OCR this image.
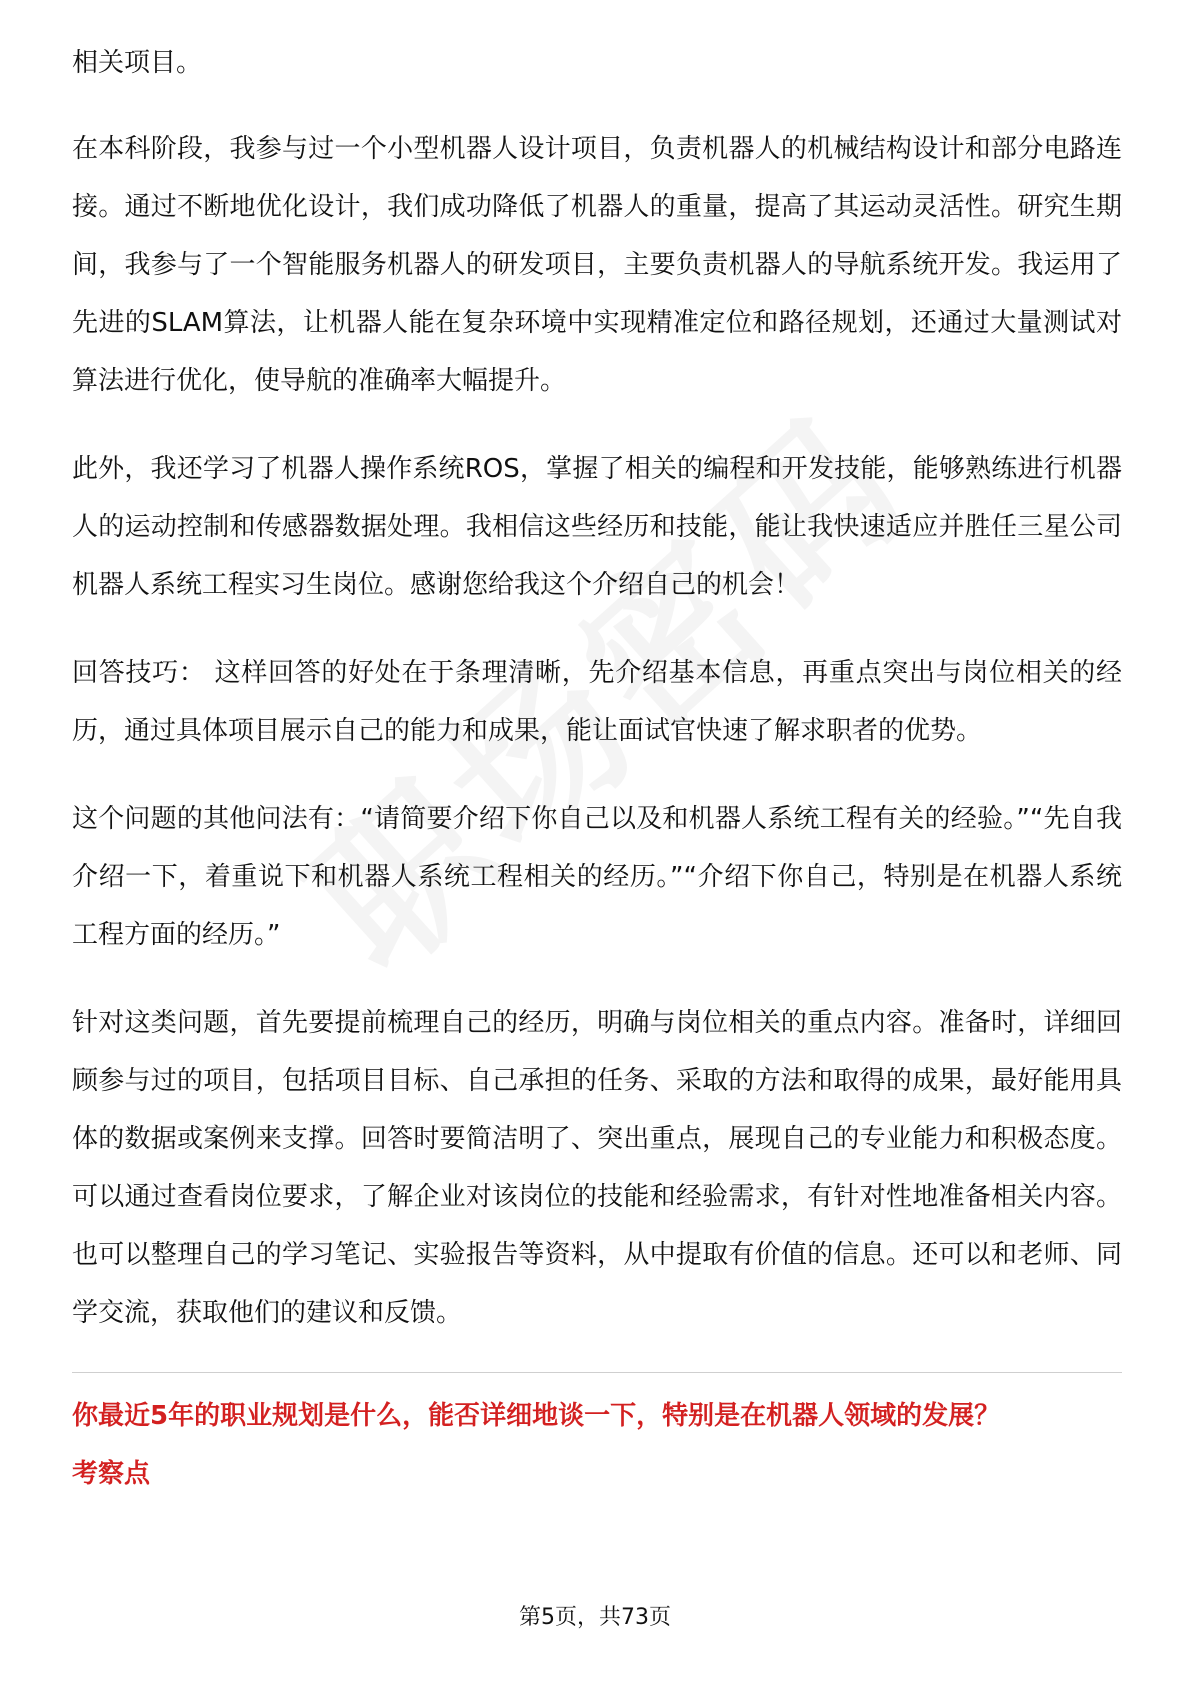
相关项目。

在本科阶段，我参与过一个小型机器人设计项目，负责机器人的机械结构设计和部分电路连接。通过不断地优化设计，我们成功降低了机器人的重量，提高了其运动灵活性。研究生期间，我参与了一个智能服务机器人的研发项目，主要负责机器人的导航系统开发。我运用了先进的SLAM算法，让机器人能在复杂环境中实现精准定位和路径规划，还通过大量测试对算法进行优化，使导航的准确率大幅提升。

此外，我还学习了机器人操作系统ROS，掌握了相关的编程和开发技能，能够熟练进行机器人的运动控制和传感器数据处理。我相信这些经历和技能，能让我快速适应并胜任三星公司机器人系统工程实习生岗位。感谢您给我这个介绍自己的机会！

回答技巧： 这样回答的好处在于条理清晰，先介绍基本信息，再重点突出与岗位相关的经历，通过具体项目展示自己的能力和成果，能让面试官快速了解求职者的优势。

这个问题的其他问法有：“请简要介绍下你自己以及和机器人系统工程有关的经验。”“先自我介绍一下，着重说下和机器人系统工程相关的经历。”“介绍下你自己，特别是在机器人系统工程方面的经历。”

针对这类问题，首先要提前梳理自己的经历，明确与岗位相关的重点内容。准备时，详细回顾参与过的项目，包括项目目标、自己承担的任务、采取的方法和取得的成果，最好能用具体的数据或案例来支撑。回答时要简洁明了、突出重点，展现自己的专业能力和积极态度。可以通过查看岗位要求，了解企业对该岗位的技能和经验需求，有针对性地准备相关内容。也可以整理自己的学习笔记、实验报告等资料，从中提取有价值的信息。还可以和老师、同学交流，获取他们的建议和反馈。

你最近5年的职业规划是什么，能否详细地谈一下，特别是在机器人领域的发展？

考察点

第5页，共73页
